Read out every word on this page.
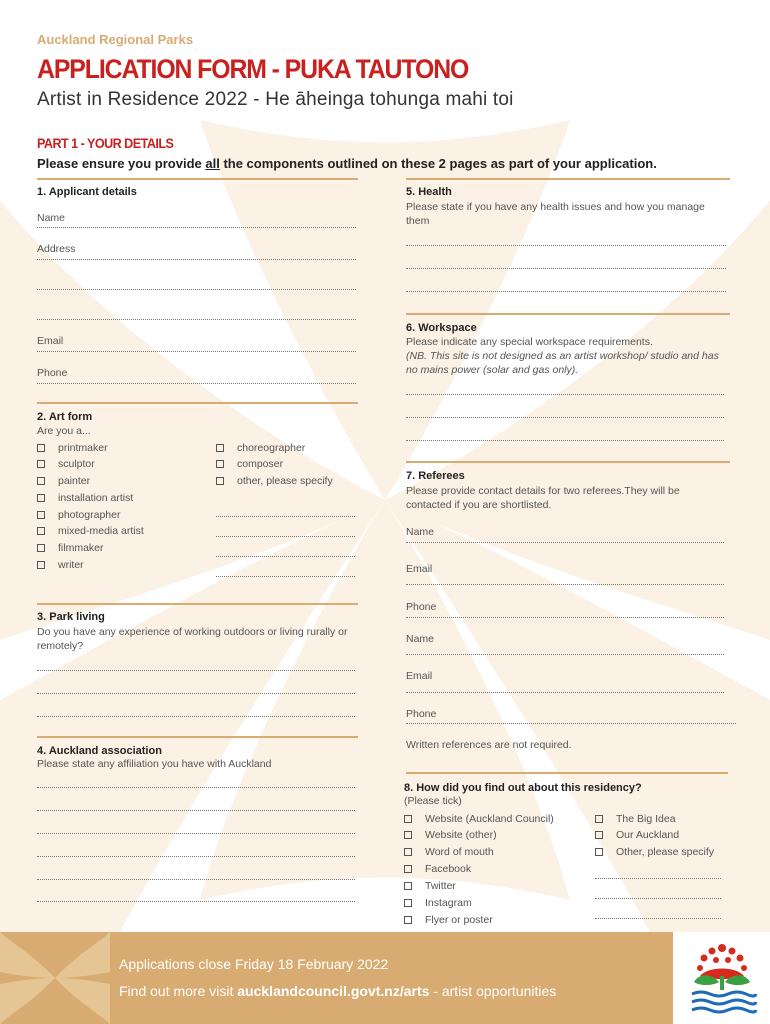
Auckland Regional Parks
APPLICATION FORM - PUKA TAUTONO
Artist in Residence 2022 - He āheinga tohunga mahi toi
PART 1 - YOUR DETAILS
Please ensure you provide all the components outlined on these 2 pages as part of your application.
1. Applicant details
Name
Address
Email
Phone
2. Art form
Are you a...
printmaker
sculptor
painter
installation artist
photographer
mixed-media artist
filmmaker
writer
choreographer
composer
other, please specify
3. Park living
Do you have any experience of working outdoors or living rurally or remotely?
4. Auckland association
Please state any affiliation you have with Auckland
5. Health
Please state if you have any health issues and how you manage them
6. Workspace
Please indicate any special workspace requirements.
(NB. This site is not designed as an artist workshop/ studio and has no mains power (solar and gas only).
7. Referees
Please provide contact details for two referees.They will be contacted if you are shortlisted.
Name
Email
Phone
Name
Email
Phone
Written references are not required.
8. How did you find out about this residency?
(Please tick)
Website (Auckland Council)
Website (other)
Word of mouth
Facebook
Twitter
Instagram
Flyer or poster
The Big Idea
Our Auckland
Other, please specify
Applications close Friday 18 February 2022
Find out more visit aucklandcouncil.govt.nz/arts - artist opportunities
